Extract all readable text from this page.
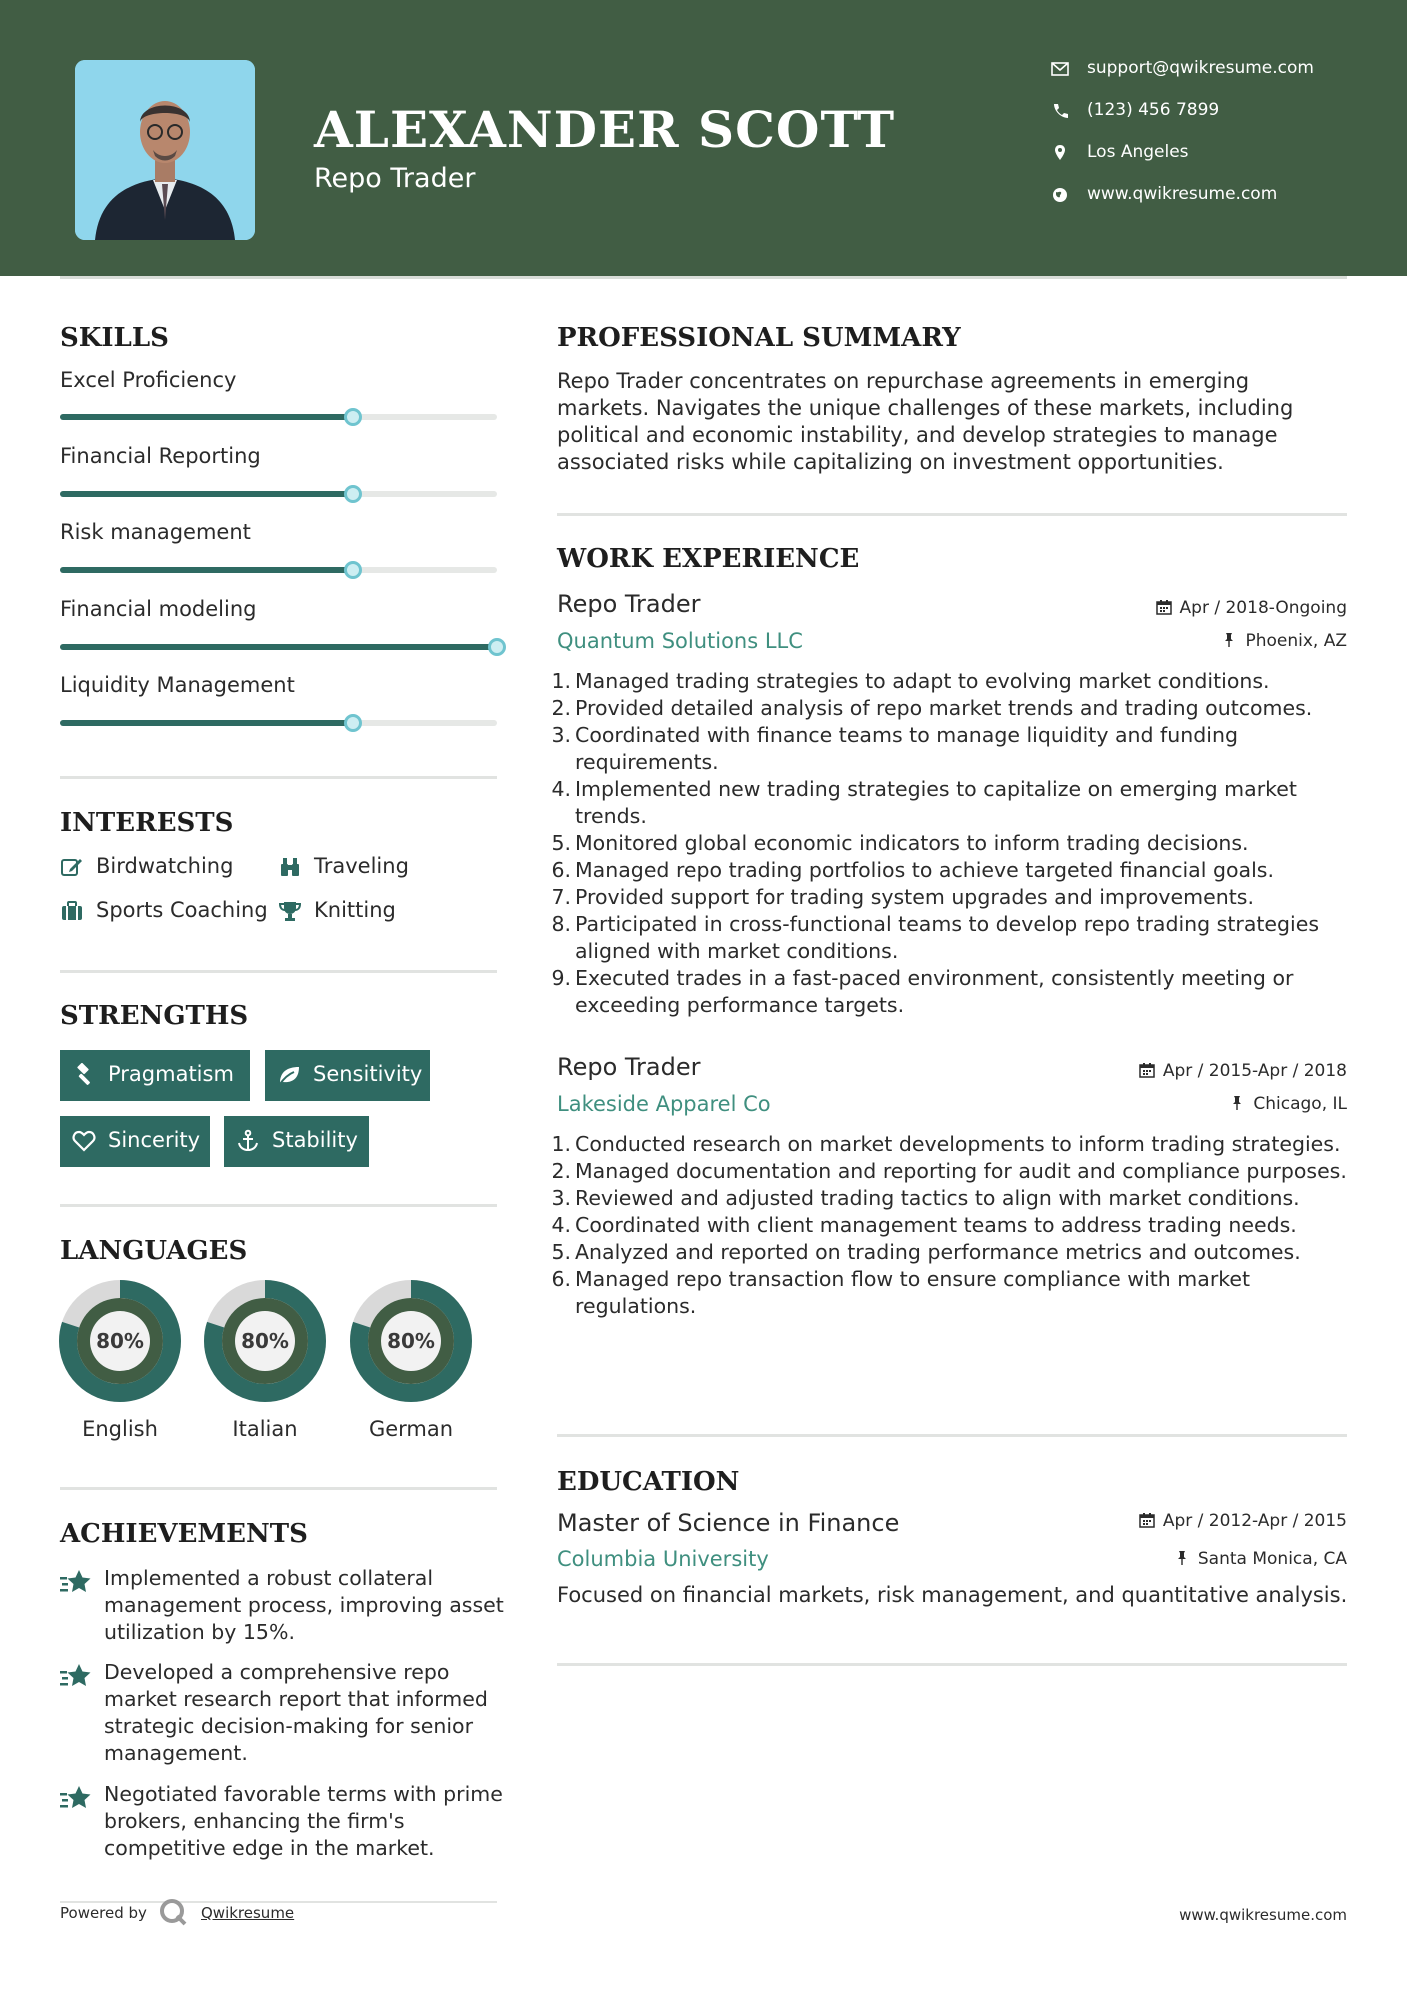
ALEXANDER SCOTT
Repo Trader
support@qwikresume.com
(123) 456 7899
Los Angeles
www.qwikresume.com
SKILLS
Excel Proficiency
Financial Reporting
Risk management
Financial modeling
Liquidity Management
INTERESTS
Birdwatching	Traveling
Sports Coaching Knitting
STRENGTHS
Pragmatism	Sensitivity
Sincerity	Stability
LANGUAGES
80%
English
80%
Italian
80%
German
ACHIEVEMENTS
Implemented a robust collateral management process, improving asset utilization by 15%.
Developed a comprehensive repo market research report that informed strategic decision-making for senior management.
Negotiated favorable terms with prime brokers, enhancing the firm's competitive edge in the market.
PROFESSIONAL SUMMARY
Repo Trader concentrates on repurchase agreements in emerging markets. Navigates the unique challenges of these markets, including political and economic instability, and develop strategies to manage associated risks while capitalizing on investment opportunities.
WORK EXPERIENCE
Repo Trader	Apr / 2018-Ongoing
Quantum Solutions LLC	Phoenix, AZ
1. Managed trading strategies to adapt to evolving market conditions.
2. Provided detailed analysis of repo market trends and trading outcomes.
3. Coordinated with finance teams to manage liquidity and funding requirements.
4. Implemented new trading strategies to capitalize on emerging market trends.
5. Monitored global economic indicators to inform trading decisions.
6. Managed repo trading portfolios to achieve targeted financial goals.
7. Provided support for trading system upgrades and improvements.
8. Participated in cross-functional teams to develop repo trading strategies aligned with market conditions.
9. Executed trades in a fast-paced environment, consistently meeting or exceeding performance targets.
Repo Trader	Apr / 2015-Apr / 2018
Lakeside Apparel Co	Chicago, IL
1. Conducted research on market developments to inform trading strategies.
2. Managed documentation and reporting for audit and compliance purposes.
3. Reviewed and adjusted trading tactics to align with market conditions.
4. Coordinated with client management teams to address trading needs.
5. Analyzed and reported on trading performance metrics and outcomes.
6. Managed repo transaction flow to ensure compliance with market regulations.
EDUCATION
Master of Science in Finance	Apr / 2012-Apr / 2015
Columbia University	Santa Monica, CA
Focused on financial markets, risk management, and quantitative analysis.
Powered by	Qwikresume	www.qwikresume.com
